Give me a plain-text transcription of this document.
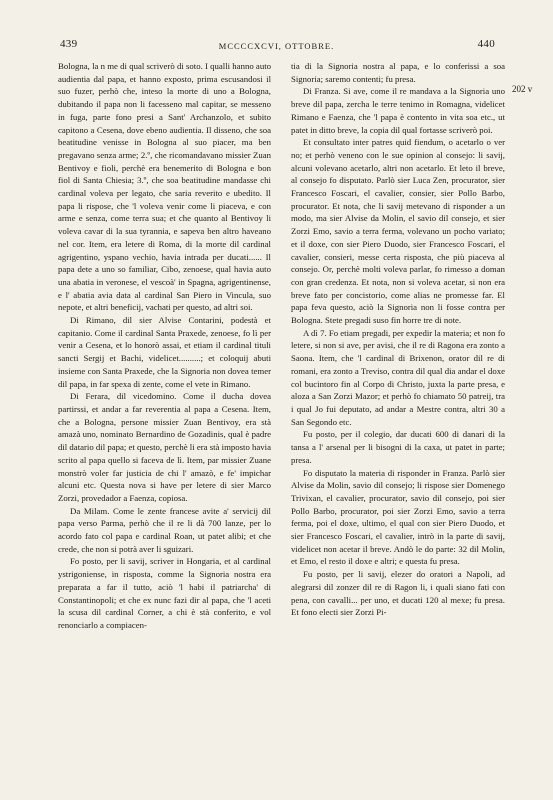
439	MCCCCXCVI, OTTOBRE.	440
202 v

Bologna, la n me di qual scriverò di soto. I qualli hanno auto audientia dal papa, et hanno exposto, prima escusandosi il suo fuzer, perhò che, inteso la morte di uno a Bologna, dubitando il papa non li facesseno mal capitar, se messeno in fuga, parte fono presi a Sant' Archanzolo, et subito capitono a Cesena, dove ebeno audientia. Il disseno, che soa beatitudine venisse in Bologna al suo piacer, ma ben pregavano senza arme; 2.º, che ricomandavano missier Zuan Bentivoy e fioli, perchè era benemerito di Bologna e bon fiol di Santa Chiesia; 3.º, che soa beatitudine mandasse chi cardinal voleva per legato, che saria reverito e ubedito. Il papa li rispose, che 'l voleva venir come li piaceva, e con arme e senza, come terra sua; et che quanto al Bentivoy li voleva cavar di la sua tyrannia, e sapeva ben altro haveano nel cor. Item, era letere di Roma, di la morte dil cardinal agrigentino, yspano vechio, havia intrada per ducati...... Il papa dete a uno so familiar, Cibo, zenoese, qual havia auto una abatia in veronese, el vescoà' in Spagna, agrigentinense, e l' abatia avia data al cardinal San Piero in Vincula, suo nepote, et altri beneficij, vachati per questo, ad altri soi.

Di Rimano, dil sier Alvise Contarini, podestà et capitanio. Come il cardinal Santa Praxede, zenoese, fo lì per venir a Cesena, et lo honorò assai, et etiam il cardinal tituli sancti Sergij et Bachi, videlicet..........; et coloquij abuti insieme con Santa Praxede, che la Signoria non dovea temer dil papa, in far spexa di zente, come el vete in Rimano.

Di Ferara, dil vicedomino. Come il ducha dovea partirssi, et andar a far reverentia al papa a Cesena. Item, che a Bologna, persone missier Zuan Bentivoy, era stà amazà uno, nominato Bernardino de Gozadinis, qual è padre dil datario dil papa; et questo, perchè li era stà imposto havia scrito al papa quello si faceva de lì. Item, par missier Zuane monstrò voler far justicia de chi l' amazò, e fe' impichar alcuni etc. Questa nova si have per letere di sier Marco Zorzi, provedador a Faenza, copiosa.

Da Milam. Come le zente francese avite a' servicij dil papa verso Parma, perhò che il re li dà 700 lanze, per lo acordo fato col papa e cardinal Roan, ut patet alibi; et che crede, che non si potrà aver li sguizari.

Fo posto, per li savij, scriver in Hongaria, et al cardinal ystrigoniense, in risposta, comme la Signoria nostra era preparata a far il tutto, aciò 'l habi il patriarcha' di Constantinopoli; et che ex nunc fazi dir al papa, che 'l aceti la scusa dil cardinal Corner, a chi è stà conferito, e vol renonciarlo a compiacen-

tia di la Signoria nostra al papa, e lo conferissi a soa Signoria; saremo contenti; fu presa.

Di Franza. Si ave, come il re mandava a la Signoria uno breve dil papa, zercha le terre tenimo in Romagna, videlicet Rimano e Faenza, che 'l papa è contento in vita soa etc., ut patet in ditto breve, la copia dil qual fortasse scriverò poi.

Et consultato inter patres quid fiendum, o acetarlo o ver no; et perhò veneno con le sue opinion al consejo: li savij, alcuni volevano acetarlo, altri non acetarlo. Et leto il breve, al consejo fo disputato. Parlò sier Luca Zen, procurator, sier Francesco Foscari, el cavalier, consier, sier Pollo Barbo, procurator. Et nota, che li savij metevano di risponder a un modo, ma sier Alvise da Molin, el savio dil consejo, et sier Zorzi Emo, savio a terra ferma, volevano un pocho variato; et il doxe, con sier Piero Duodo, sier Francesco Foscari, el cavalier, consieri, messe certa risposta, che più piaceva al consejo. Or, perchè molti voleva parlar, fo rimesso a doman con gran credenza. Et nota, non si voleva acetar, si non era breve fato per concistorio, come alias ne promesse far. El papa feva questo, aciò la Signoria non li fosse contra per Bologna. Stete pregadi suso fin horre tre di note.

A dì 7. Fo etiam pregadi, per expedir la materia; et non fo letere, si non si ave, per avisi, che il re di Ragona era zonto a Saona. Item, che 'l cardinal di Brixenon, orator dil re di romani, era zonto a Treviso, contra dil qual dia andar el doxe col bucintoro fin al Corpo di Christo, juxta la parte presa, e aloza a San Zorzi Mazor; et perhò fo chiamato 50 patreij, tra i qual Jo fui deputato, ad andar a Mestre contra, altri 30 a San Segondo etc.

Fu posto, per il colegio, dar ducati 600 di danari di la tansa a l' arsenal per li bisogni di la caxa, ut patet in parte; presa.

Fo disputato la materia di risponder in Franza. Parlò sier Alvise da Molin, savio dil consejo; li rispose sier Domenego Trivixan, el cavalier, procurator, savio dil consejo, poi sier Pollo Barbo, procurator, poi sier Zorzi Emo, savio a terra ferma, poi el doxe, ultimo, el qual con sier Piero Duodo, et sier Francesco Foscari, el cavalier, intrò in la parte di savij, videlicet non acetar il breve. Andò le do parte: 32 dil Molin, et Emo, el resto il doxe e altri; e questa fu presa.

Fu posto, per li savij, elezer do oratori a Napoli, ad alegrarsi dil zonzer dil re di Ragon li, i quali siano fati con pena, con cavalli... per uno, et ducati 120 al mexe; fu presa. Et fono electi sier Zorzi Pi-
